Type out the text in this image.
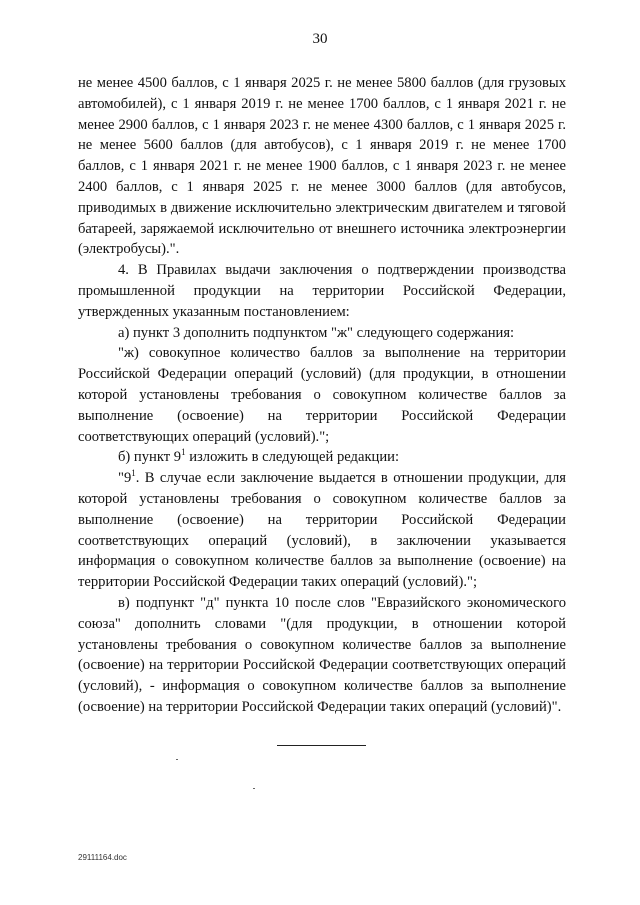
30

не менее 4500 баллов, с 1 января 2025 г. не менее 5800 баллов (для грузовых автомобилей), с 1 января 2019 г. не менее 1700 баллов, с 1 января 2021 г. не менее 2900 баллов, с 1 января 2023 г. не менее 4300 баллов, с 1 января 2025 г. не менее 5600 баллов (для автобусов), с 1 января 2019 г. не менее 1700 баллов, с 1 января 2021 г. не менее 1900 баллов, с 1 января 2023 г. не менее 2400 баллов, с 1 января 2025 г. не менее 3000 баллов (для автобусов, приводимых в движение исключительно электрическим двигателем и тяговой батареей, заряжаемой исключительно от внешнего источника электроэнергии (электробусы).".

4. В Правилах выдачи заключения о подтверждении производства промышленной продукции на территории Российской Федерации, утвержденных указанным постановлением:

а) пункт 3 дополнить подпунктом "ж" следующего содержания:

"ж) совокупное количество баллов за выполнение на территории Российской Федерации операций (условий) (для продукции, в отношении которой установлены требования о совокупном количестве баллов за выполнение (освоение) на территории Российской Федерации соответствующих операций (условий).";

б) пункт $9^1$ изложить в следующей редакции:

"$9^1$. В случае если заключение выдается в отношении продукции, для которой установлены требования о совокупном количестве баллов за выполнение (освоение) на территории Российской Федерации соответствующих операций (условий), в заключении указывается информация о совокупном количестве баллов за выполнение (освоение) на территории Российской Федерации таких операций (условий).";

в) подпункт "д" пункта 10 после слов "Евразийского экономического союза" дополнить словами "(для продукции, в отношении которой установлены требования о совокупном количестве баллов за выполнение (освоение) на территории Российской Федерации соответствующих операций (условий), - информация о совокупном количестве баллов за выполнение (освоение) на территории Российской Федерации таких операций (условий)".

29111164.doc
